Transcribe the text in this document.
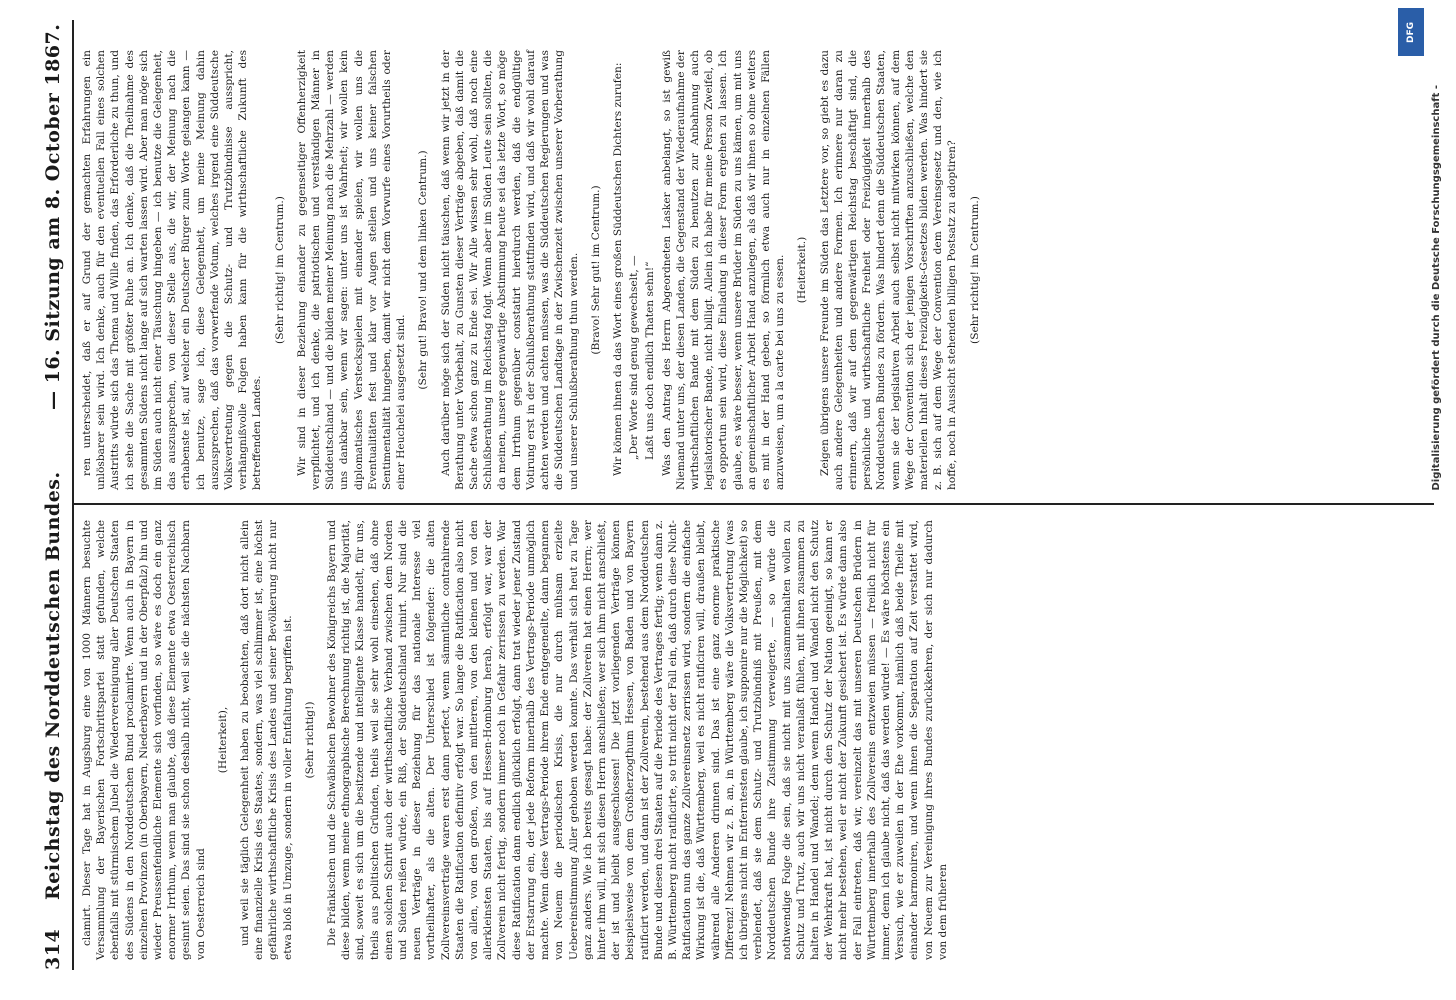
314
Reichstag des Norddeutschen Bundes.
— 16. Sitzung am 8. October 1867.

clamirt. Dieser Tage hat in Augsburg eine von 1000 Männern besuchte Versammlung der Bayerischen Fortschrittspartei statt gefunden, welche ebenfalls mit stürmischem Jubel die Wiedervereinigung aller Deutschen Staaten des Südens in den Norddeutschen Bund proclamirte. Wenn auch in Bayern in einzelnen Provinzen (in Oberbayern, Niederbayern und in der Oberpfalz) hin und wieder Preussenfeindliche Elemente sich vorfinden, so wäre es doch ein ganz enormer Irrthum, wenn man glaubte, daß diese Elemente etwa Oesterreichisch gesinnt seien. Das sind sie schon deshalb nicht, weil sie die nächsten Nachbarn von Oesterreich sind

(Heiterkeit), und weil sie täglich Gelegenheit haben zu beobachten, daß dort nicht allein eine finanzielle Krisis des Staates, sondern, was viel schlimmer ist, eine höchst gefährliche wirthschaftliche Krisis des Landes und seiner Bevölkerung nicht nur etwa bloß in Umzuge, sondern in voller Entfaltung begriffen ist. (Sehr richtig!) Die Fränkischen und die Schwäbischen Bewohner des Königreichs Bayern und diese bilden, wenn meine ethnographische Berechnung richtig ist, die Majorität, sind, soweit es sich um die besitzende und intelligente Klasse handelt, für uns, theils aus politischen Gründen, theils weil sie sehr wohl einsehen, daß ohne einen solchen Schritt auch der wirthschaftliche Verband zwischen dem Norden und Süden reißen würde, ein Riß, der Süddeutschland ruinirt. Nur sind die neuen Verträge in dieser Beziehung für das nationale Interesse viel vortheilhafter, als die alten. Der Unterschied ist folgender: die alten Zollvereinsverträge waren erst dann perfect, wenn sämmtliche contrahirende Staaten die Ratification definitiv erfolgt war. So lange die Ratification also nicht von allen, von den großen, von den mittleren, von den kleinen und von den allerkleinsten Staaten, bis auf Hessen-Homburg herab, erfolgt war, war der Zollverein nicht fertig, sondern immer noch in Gefahr zerrissen zu werden. War diese Ratification dann endlich glücklich erfolgt, dann trat wieder jener Zustand der Erstarrung ein, der jede Reform innerhalb des Vertrags-Periode unmöglich machte. Wenn diese Vertrags-Periode ihrem Ende entgegeneilte, dann begannen von Neuem die periodischen Krisis, die nur durch mühsam erzielte Uebereinstimmung Aller gehoben werden konnte. Das verhält sich heut zu Tage ganz anders. Wie ich bereits gesagt habe: der Zollverein hat einen Herrn; wer hinter ihm will, mit sich diesen Herrn anschließen; wer sich ihm nicht anschließt, der ist und bleibt ausgeschlossen! Die jetzt vorliegenden Verträge können beispielsweise von dem Großherzogthum Hessen, von Baden und von Bayern ratificirt werden, und dann ist der Zollverein, bestehend aus dem Norddeutschen Bunde und diesen drei Staaten auf die Periode des Vertrages fertig; wenn dann z. B. Württemberg nicht ratificirte, so tritt nicht der Fall ein, daß durch diese Nicht-Ratification nun das ganze Zollvereinsnetz zerrissen wird, sondern die einfache Wirkung ist die, daß Württemberg, weil es nicht ratificiren will, draußen bleibt, während alle Anderen drinnen sind. Das ist eine ganz enorme praktische Differenz! Nehmen wir z. B. an, in Württemberg wäre die Volksvertretung (was ich übrigens nicht im Entferntesten glaube, ich supponire nur die Möglichkeit) so verblendet, daß sie dem Schutz- und Trutzbündniß mit Preußen, mit dem Norddeutschen Bunde ihre Zustimmung verweigerte, — so würde die nothwendige Folge die sein, daß sie nicht mit uns zusammenhalten wollen zu Schutz und Trutz, auch wir uns nicht veranlaßt fühlen, mit ihnen zusammen zu halten in Handel und Wandel; denn wenn Handel und Wandel nicht den Schutz der Wehrkraft hat, ist nicht durch den Schutz der Nation geeinigt, so kann er nicht mehr bestehen, weil er nicht der Zukunft gesichert ist. Es würde dann also der Fall eintreten, daß wir, vereinzelt das mit unseren Deutschen Brüdern in Württemberg innerhalb des Zollvereins entzweien müssen — freilich nicht für immer, denn ich glaube nicht, daß das werden würde! — Es wäre höchstens ein Versuch, wie er zuweilen in der Ehe vorkommt, nämlich daß beide Theile mit einander harmoniren, und wenn ihnen die Separation auf Zeit verstattet wird, von Neuem zur Vereinigung ihres Bundes zurückkehren, der sich nur dadurch von dem früheren

ren unterscheidet, daß er auf Grund der gemachten Erfahrungen ein unlösbarer sein wird. Ich denke, auch für den eventuellen Fall eines solchen Austritts würde sich das Thema und Wille finden, das Erforderliche zu thun, und ich sehe die Sache mit größter Ruhe an. Ich denke, daß die Theilnahme des gesammten Südens nicht lange auf sich warten lassen wird. Aber man möge sich im Süden auch nicht einer Täuschung hingeben — ich benutze die Gelegenheit, das auszusprechen, von dieser Stelle aus, die wir, der Meinung nach die erhabenste ist, auf welcher ein Deutscher Bürger zum Worte gelangen kann — ich benutze, sage ich, diese Gelegenheit, um meine Meinung dahin auszusprechen, daß das vorwerfende Votum, welches irgend eine Süddeutsche Volksvertretung gegen die Schutz- und Trutzbündnisse ausspricht, verhängnißvolle Folgen haben kann für die wirthschaftliche Zukunft des betreffenden Landes.

(Sehr richtig! im Centrum.) Wir sind in dieser Beziehung einander zu gegenseitiger Offenherzigkeit verpflichtet, und ich denke, die patriotischen und verständigen Männer in Süddeutschland — und die bilden meiner Meinung nach die Mehrzahl — werden uns dankbar sein, wenn wir sagen: unter uns ist Wahrheit; wir wollen kein diplomatisches Versteckspielen mit einander spielen, wir wollen uns die Eventualitäten fest und klar vor Augen stellen und uns keiner falschen Sentimentalität hingeben, damit wir nicht dem Vorwurfe eines Vorurtheils oder einer Heuchelei ausgesetzt sind.

(Sehr gut! Bravo! und dem linken Centrum.) Auch darüber möge sich der Süden nicht täuschen, daß wenn wir jetzt in der Berathung unter Vorbehalt, zu Gunsten dieser Verträge abgeben, daß damit die Sache etwa schon ganz zu Ende sei. Wir Alle wissen sehr wohl, daß noch eine Schlußberathung im Reichstag folgt. Wenn aber im Süden Leute sein sollten, die da meinen, unsere gegenwärtige Abstimmung heute sei das letzte Wort, so möge dem Irrthum gegenüber constatirt hierdurch werden, daß die endgültige Votirung erst in der Schlußberathung stattfinden wird, und daß wir wohl darauf achten werden und achten müssen, was die Süddeutschen Regierungen und was die Süddeutschen Landtage in der Zwischenzeit zwischen unserer Vorberathung und unserer Schlußberathung thun werden. (Bravo! Sehr gut! im Centrum.) Wir können ihnen da das Wort eines großen Süddeutschen Dichters zurufen: „Der Worte sind genug gewechselt, — Laßt uns doch endlich Thaten sehn!“ Was den Antrag des Herrn Abgeordneten Lasker anbelangt, so ist gewiß Niemand unter uns, der diesen Landen, die Gegenstand der Wiederaufnahme der wirthschaftlichen Bande mit dem Süden zu benutzen zur Anbahnung auch legislatorischer Bande, nicht billigt. Allein ich habe für meine Person Zweifel, ob es opportun sein wird, diese Einladung in dieser Form ergehen zu lassen. Ich glaube, es wäre besser, wenn unsere Brüder im Süden zu uns kämen, um mit uns an gemeinschaftlicher Arbeit Hand anzulegen, als daß wir ihnen so ohne weiters es mit in der Hand geben, so förmlich etwa auch nur in einzelnen Fällen anzuweisen, um a la carte bei uns zu essen. (Heiterkeit.) Zeigen übrigens unsere Freunde im Süden das Letztere vor, so giebt es dazu auch andere Gelegenheiten und andere Formen. Ich erinnere nur daran zu erinnern, daß wir auf dem gegenwärtigen Reichstag beschäftigt sind, die persönliche und wirthschaftliche Freiheit oder Freizügigkeit innerhalb des Norddeutschen Bundes zu fördern. Was hindert denn die Süddeutschen Staaten, wenn sie der legislativen Arbeit auch selbst nicht mitwirken können, auf dem Wege der Convention sich der jenigen Vorschriften anzuschließen, welche den materiellen Inhalt dieses Freizügigkeits-Gesetzes bilden werden. Was hindert sie z. B. sich auf dem Wege der Convention dem Vereinsgesetz und den, wie ich hoffe, noch in Aussicht stehenden billigen Postsatz zu adoptiren? (Sehr richtig! im Centrum.)	Digitalisierung gefördert durch die Deutsche Forschungsgemeinschaft -
DFG
